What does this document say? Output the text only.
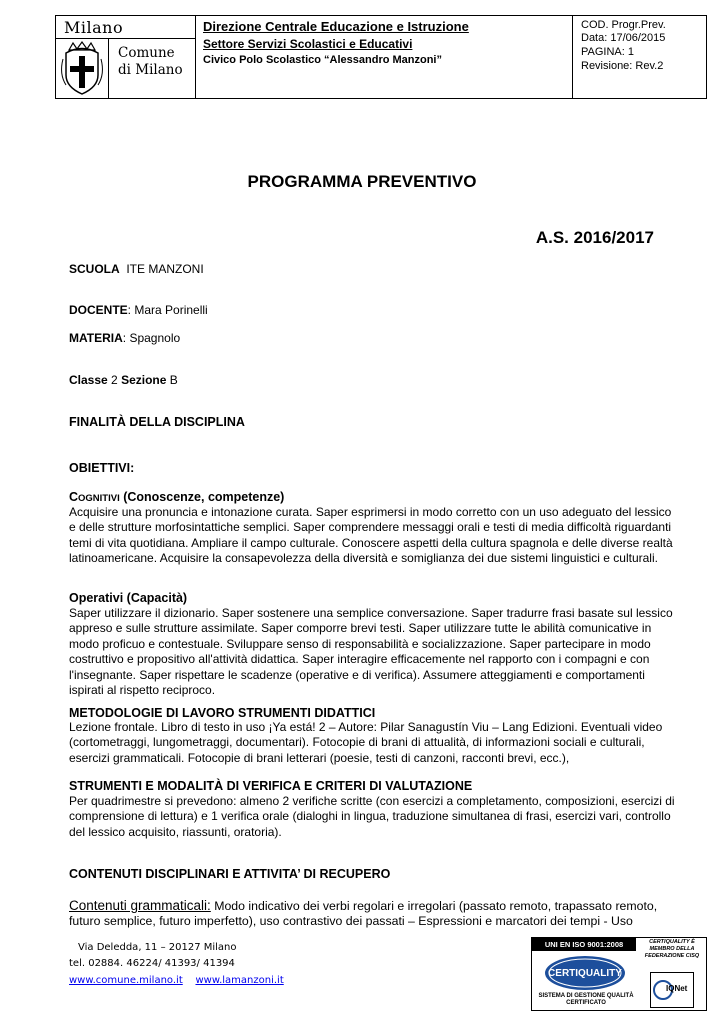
Milano
Comune
di Milano
Direzione Centrale Educazione e Istruzione
Settore Servizi Scolastici e Educativi
Civico Polo Scolastico “Alessandro Manzoni”
COD. Progr.Prev.
Data: 17/06/2015
PAGINA: 1
Revisione: Rev.2
PROGRAMMA PREVENTIVO
A.S. 2016/2017
SCUOLA ITE MANZONI
DOCENTE: Mara Porinelli
MATERIA: Spagnolo
Classe 2 Sezione B
FINALITÀ DELLA DISCIPLINA
OBIETTIVI:
COGNITIVI (Conoscenze, competenze)
Acquisire una pronuncia e intonazione curata. Saper esprimersi in modo corretto con un uso adeguato del lessico e delle strutture morfosintattiche semplici. Saper comprendere messaggi orali e testi di media difficoltà riguardanti temi di vita quotidiana. Ampliare il campo culturale. Conoscere aspetti della cultura spagnola e delle diverse realtà latinoamericane. Acquisire la consapevolezza della diversità e somiglianza dei due sistemi linguistici e culturali.
Operativi (Capacità)
Saper utilizzare il dizionario. Saper sostenere una semplice conversazione. Saper tradurre frasi basate sul lessico appreso e sulle strutture assimilate. Saper comporre brevi testi. Saper utilizzare tutte le abilità comunicative in modo proficuo e contestuale. Sviluppare senso di responsabilità e socializzazione. Saper partecipare in modo costruttivo e propositivo all'attività didattica. Saper interagire efficacemente nel rapporto con i compagni e con l'insegnante. Saper rispettare le scadenze (operative e di verifica). Assumere atteggiamenti e comportamenti ispirati al rispetto reciproco.
METODOLOGIE DI LAVORO STRUMENTI DIDATTICI
Lezione frontale. Libro di testo in uso ¡Ya está! 2 – Autore: Pilar Sanagustín Viu – Lang Edizioni. Eventuali video (cortometraggi, lungometraggi, documentari). Fotocopie di brani di attualità, di informazioni sociali e culturali, esercizi grammaticali. Fotocopie di brani letterari (poesie, testi di canzoni, racconti brevi, ecc.),
STRUMENTI E MODALITÀ DI VERIFICA E CRITERI DI VALUTAZIONE
Per quadrimestre si prevedono: almeno 2 verifiche scritte (con esercizi a completamento, composizioni, esercizi di comprensione di lettura) e 1 verifica orale (dialoghi in lingua, traduzione simultanea di frasi, esercizi vari, controllo del lessico acquisito, riassunti, oratoria).
CONTENUTI DISCIPLINARI E ATTIVITA’ DI RECUPERO
Contenuti grammaticali: Modo indicativo dei verbi regolari e irregolari (passato remoto, trapassato remoto, futuro semplice, futuro imperfetto), uso contrastivo dei passati – Espressioni e marcatori dei tempi - Uso
Via Deledda, 11 – 20127 Milano
tel. 02884. 46224/ 41393/ 41394
www.comune.milano.it www.lamanzoni.it
UNI EN ISO 9001:2008
CERTIQUALITY
SISTEMA DI GESTIONE QUALITÀ CERTIFICATO
CERTIQUALITY È MEMBRO DELLA FEDERAZIONE CISQ
IQNet
